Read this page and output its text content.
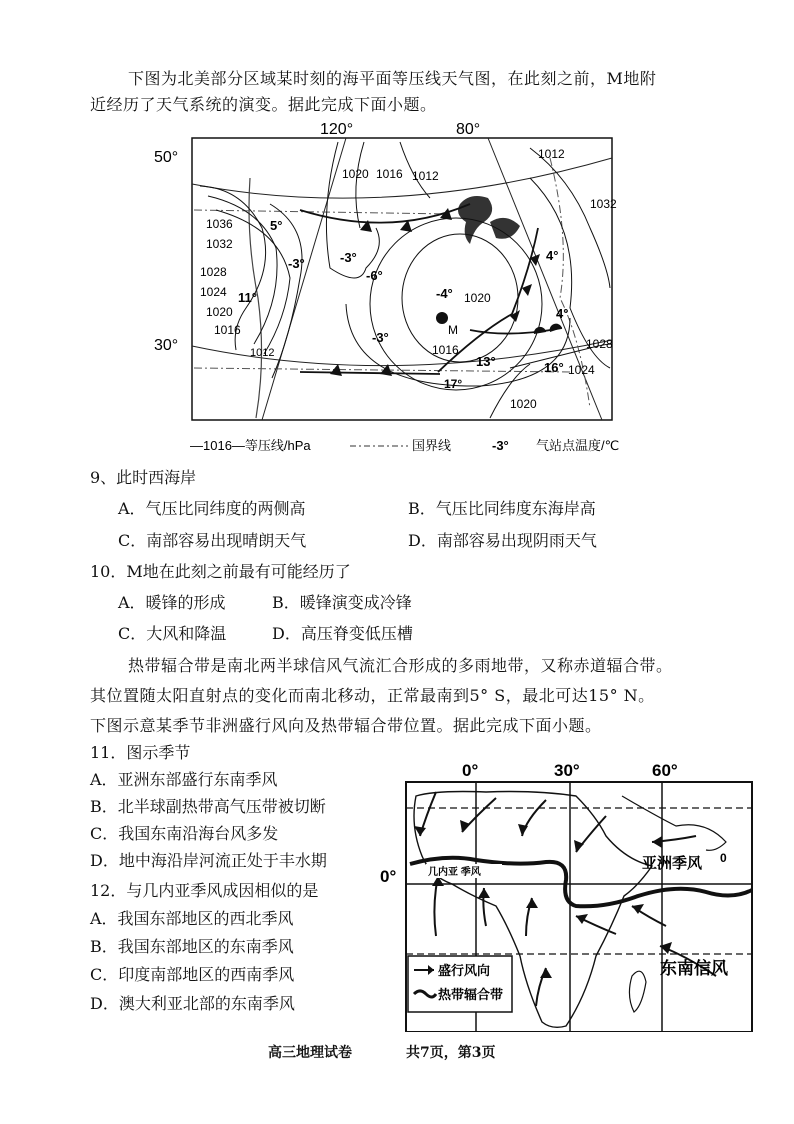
下图为北美部分区域某时刻的海平面等压线天气图，在此刻之前，M地附
近经历了天气系统的演变。据此完成下面小题。
120°	80°
50°
30°
1036
1032
1028
1024
1020
1016
1012
1020 1016 1012
1020
1016
1032
1028
1024
1020
1012
5°
-3°	-3°
-6°
11°	-4°
-3°
4°
4°
13°	16°
17°
M
—1016—等压线/hPa	国界线	-3° 气站点温度/℃
9、此时西海岸
A．气压比同纬度的两侧高	B．气压比同纬度东海岸高
C．南部容易出现晴朗天气	D．南部容易出现阴雨天气
10．M地在此刻之前最有可能经历了
A．暖锋的形成	B．暖锋演变成冷锋
C．大风和降温	D．高压脊变低压槽
热带辐合带是南北两半球信风气流汇合形成的多雨地带，又称赤道辐合带。
其位置随太阳直射点的变化而南北移动，正常最南到5° S，最北可达15° N。
下图示意某季节非洲盛行风向及热带辐合带位置。据此完成下面小题。
11．图示季节
A．亚洲东部盛行东南季风
B．北半球副热带高气压带被切断
C．我国东南沿海台风多发
D．地中海沿岸河流正处于丰水期
12．与几内亚季风成因相似的是
A．我国东部地区的西北季风
B．我国东部地区的东南季风
C．印度南部地区的西南季风
D．澳大利亚北部的东南季风
0°	30°	60°
0°	几内亚 季风
亚洲季风 0
东南信风
盛行风向
热带辐合带
高三地理试卷	共7页，第3页
